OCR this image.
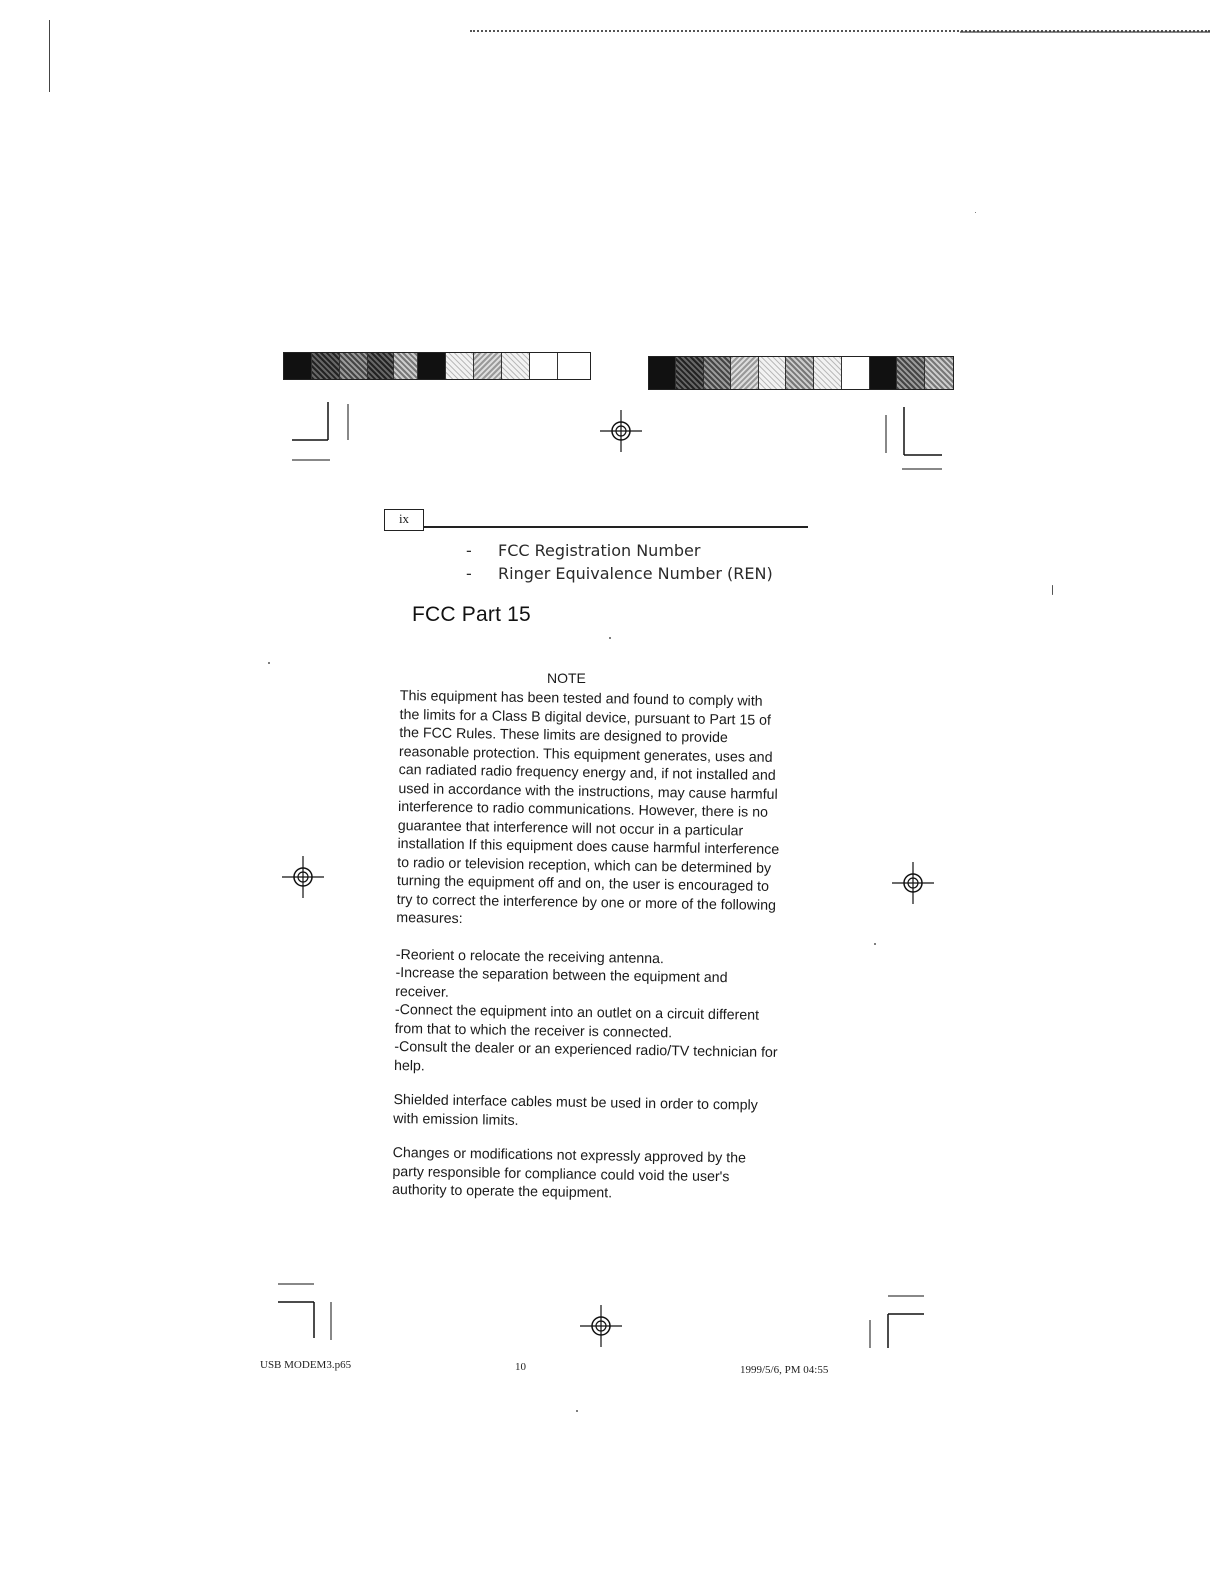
ix
-	FCC Registration Number
-	Ringer Equivalence Number (REN)
FCC Part 15
NOTE

This equipment has been tested and found to comply with

the limits for a Class B digital device, pursuant to Part 15 of

the FCC Rules. These limits are designed to provide

reasonable protection. This equipment generates, uses and

can radiated radio frequency energy and, if not installed and

used in accordance with the instructions, may cause harmful

interference to radio communications. However, there is no

guarantee that interference will not occur in a particular

installation If this equipment does cause harmful interference

to radio or television reception, which can be determined by

turning the equipment off and on, the user is encouraged to

try to correct the interference by one or more of the following

measures:

-Reorient o relocate the receiving antenna.

-Increase the separation between the equipment and

receiver.

-Connect the equipment into an outlet on a circuit different

from that to which the receiver is connected.

-Consult the dealer or an experienced radio/TV technician for

help.

Shielded interface cables must be used in order to comply

with emission limits.

Changes or modifications not expressly approved by the

party responsible for compliance could void the user's

authority to operate the equipment.

USB MODEM3.p65	10	1999/5/6, PM 04:55
